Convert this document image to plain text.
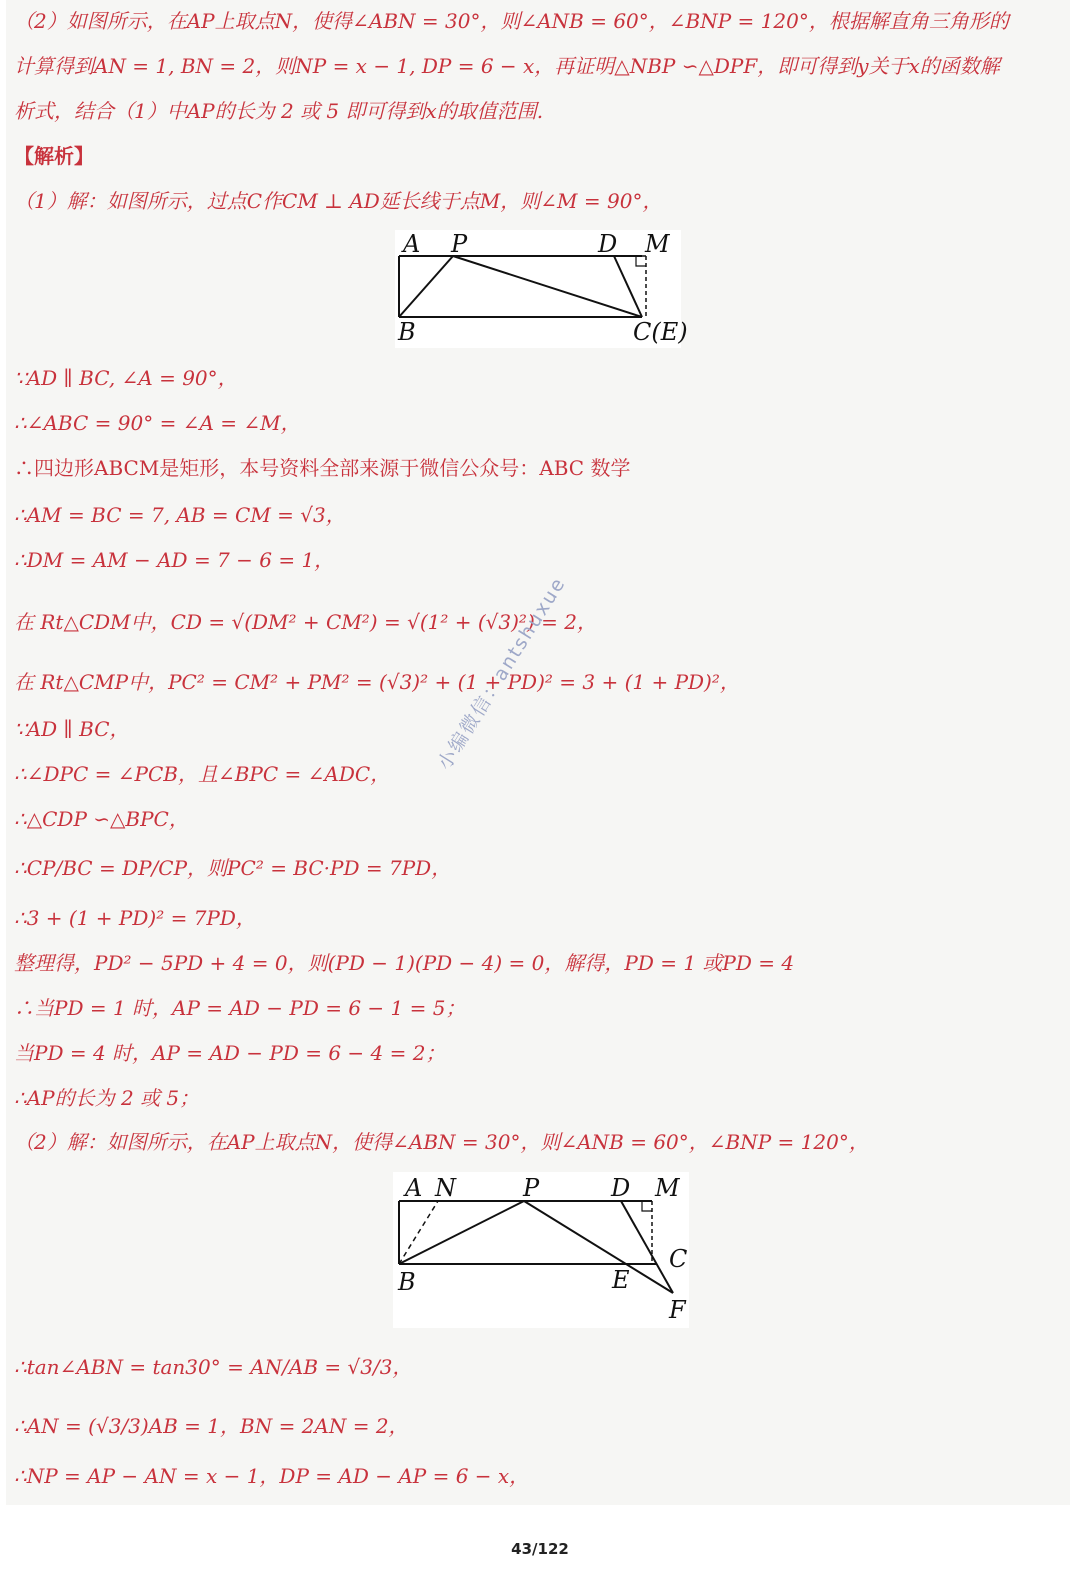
（2）如图所示，在AP上取点N，使得∠ABN = 30°，则∠ANB = 60°，∠BNP = 120°，根据解直角三角形的
计算得到AN = 1, BN = 2，则NP = x − 1, DP = 6 − x，再证明△NBP ∽△DPF，即可得到y关于x的函数解
析式，结合（1）中AP的长为 2 或 5 即可得到x的取值范围.
【解析】
（1）解：如图所示，过点C作CM ⊥ AD延长线于点M，则∠M = 90°，
A P	D M
B	C(E)
∵AD ∥ BC, ∠A = 90°，
∴∠ABC = 90° = ∠A = ∠M，
∴四边形ABCM是矩形，本号资料全部来源于微信公众号：ABC 数学
∴AM = BC = 7, AB = CM = √3，
∴DM = AM − AD = 7 − 6 = 1，
在 Rt△CDM中，CD = √(DM² + CM²) = √(1² + (√3)²) = 2，
在 Rt△CMP中，PC² = CM² + PM² = (√3)² + (1 + PD)² = 3 + (1 + PD)²，
∵AD ∥ BC，
∴∠DPC = ∠PCB，且∠BPC = ∠ADC，
∴△CDP ∽△BPC，
∴CP/BC = DP/CP，则PC² = BC·PD = 7PD，
∴3 + (1 + PD)² = 7PD，
整理得，PD² − 5PD + 4 = 0，则(PD − 1)(PD − 4) = 0，解得，PD = 1 或PD = 4
∴当PD = 1 时，AP = AD − PD = 6 − 1 = 5；
当PD = 4 时，AP = AD − PD = 6 − 4 = 2；
∴AP的长为 2 或 5；
（2）解：如图所示，在AP上取点N，使得∠ABN = 30°，则∠ANB = 60°，∠BNP = 120°，
A N	P	D M
C
B	E
F
∴tan∠ABN = tan30° = AN/AB = √3/3，
∴AN = (√3/3)AB = 1，BN = 2AN = 2，
∴NP = AP − AN = x − 1，DP = AD − AP = 6 − x，
小编微信：antshuxue
43/122
